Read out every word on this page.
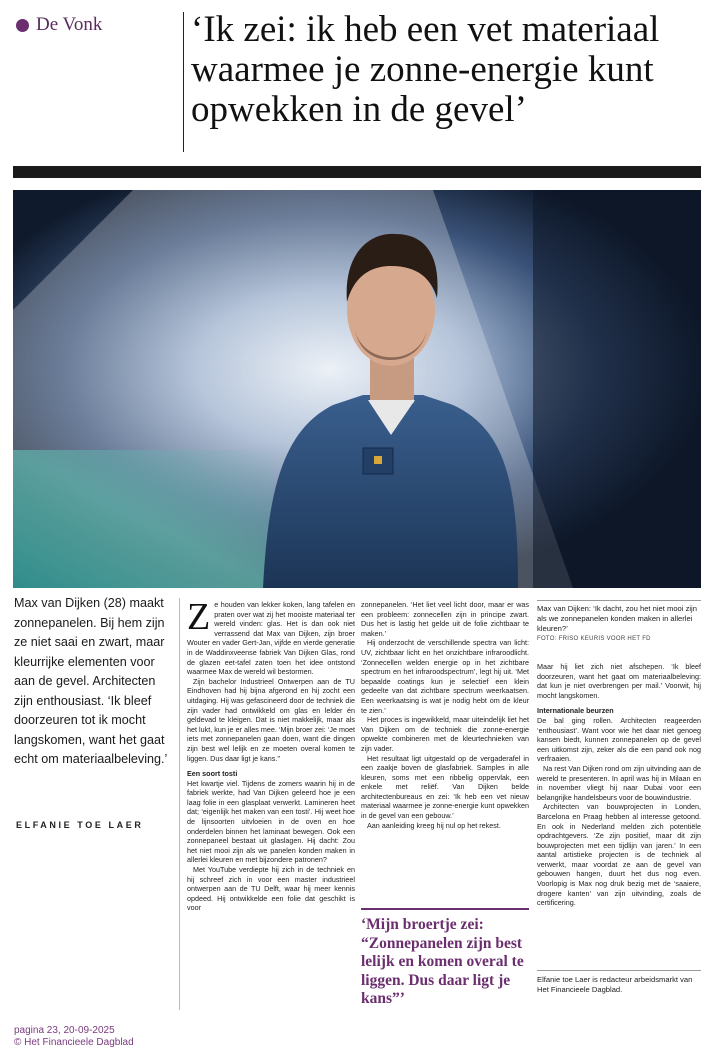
De Vonk ‘Ik zei: ik heb een vet materiaal waarmee je zonne-energie kunt opwekken in de gevel’

Max van Dijken (28) maakt zonnepanelen. Bij hem zijn ze niet saai en zwart, maar kleurrijke elementen voor aan de gevel. Architecten zijn enthousiast. ‘Ik bleef doorzeuren tot ik mocht langskomen, want het gaat echt om materiaalbeleving.’

ELFANIE TOE LAER

Ze houden van lekker koken, lang tafelen en praten over wat zij het mooiste materiaal ter wereld vinden: glas. Het is dan ook niet verrassend dat Max van Dijken, zijn broer Wouter en vader Gert-Jan, vijfde en vierde generatie in de Waddinxveense fabriek Van Dijken Glas, rond de glazen eet-tafel zaten toen het idee ontstond waarmee Max de wereld wil bestormen.

Zijn bachelor Industrieel Ontwerpen aan de TU Eindhoven had hij bijna afgerond en hij zocht een uitdaging. Hij was gefascineerd door de techniek die zijn vader had ontwikkeld om glas en lelder én geldevad te kleigen. Dat is niet makkelijk, maar als het lukt, kun je er alles mee. ‘Mijn broer zei: ‘Je moet iets met zonnepanelen gaan doen, want die dingen zijn best wel lelijk en ze moeten overal komen te liggen. Dus daar ligt je kans.’’

Een soort tosti

Het kwartje viel. Tijdens de zomers waarin hij in de fabriek werkte, had Van Dijken geleerd hoe je een laag folie in een glasplaat verwerkt. Lamineren heet dat; ‘eigenlijk het maken van een tosti’. Hij weet hoe de lijnsoorten uitvloeien in de oven en hoe onderdelen binnen het laminaat bewegen. Ook een zonnepaneel bestaat uit glaslagen. Hij dacht: Zou het niet mooi zijn als we panelen konden maken in allerlei kleuren en met bijzondere patronen?

Met YouTube verdiepte hij zich in de techniek en hij schreef zich in voor een master industrieel ontwerpen aan de TU Delft, waar hij meer kennis opdeed. Hij ontwikkelde een folie dat geschikt is voor

zonnepanelen. ‘Het liet veel licht door, maar er was een probleem: zonnecellen zijn in principe zwart. Dus het is lastig het gelde uit de folie zichtbaar te maken.’

Hij onderzocht de verschillende spectra van licht: UV, zichtbaar licht en het onzichtbare infraroodlicht. ‘Zonnecellen welden energie op in het zichtbare spectrum en het infraroodspectrum’, legt hij uit. ‘Met bepaalde coatings kun je selectief een klein gedeelte van dat zichtbare spectrum weerkaatsen. Een weerkaatsing is wat je nodig hebt om de kleur te zien.’

Het proces is ingewikkeld, maar uiteindelijk liet het Van Dijken om de techniek die zonne-energie opwekte combineren met de kleurtechnieken van zijn vader.

Het resultaat ligt uitgestald op de vergaderafel in een zaakje boven de glasfabriek. Samples in alle kleuren, soms met een ribbelig oppervlak, een enkele met reliëf. Van Dijken belde architectenbureaus en zei: ‘Ik heb een vet nieuw materiaal waarmee je zonne-energie kunt opwekken in de gevel van een gebouw.’

Aan aanleiding kreeg hij nul op het rekest.

‘Mijn broertje zei: “Zonnepanelen zijn best lelijk en komen overal te liggen. Dus daar ligt je kans”’

Max van Dijken: ‘Ik dacht, zou het niet mooi zijn als we zonnepanelen konden maken in allerlei kleuren?’

FOTO: FRISO KEURIS VOOR HET FD

Maar hij liet zich niet afschepen. ‘Ik bleef doorzeuren, want het gaat om materiaalbeleving: dat kun je niet overbrengen per mail.’ Voorwit, hij mocht langskomen.

Internationale beurzen

De bal ging rollen. Architecten reageerden ‘enthousiast’. Want voor wie het daar niet genoeg kansen biedt, kunnen zonnepanelen op de gevel een uitkomst zijn, zeker als die een pand ook nog verfraaien.

Na rest Van Dijken rond om zijn uitvinding aan de wereld te presenteren. In april was hij in Milaan en in november vliegt hij naar Dubai voor een belangrijke handelsbeurs voor de bouwindustrie.

Architecten van bouwprojecten in Londen, Barcelona en Praag hebben al interesse getoond. En ook in Nederland melden zich potentiële opdrachtgevers. ‘Ze zijn positief, maar dit zijn bouwprojecten met een tijdlijn van jaren.’ In een aantal artistieke projecten is de techniek al verwerkt, maar voordat ze aan de gevel van gebouwen hangen, duurt het dus nog even. Voorlopig is Max nog druk bezig met de ‘saaiere, drogere kanten’ van zijn uitvinding, zoals de certificering.

Elfanie toe Laer is redacteur arbeidsmarkt van Het Financieele Dagblad.

pagina 23, 20-09-2025
© Het Financieele Dagblad
